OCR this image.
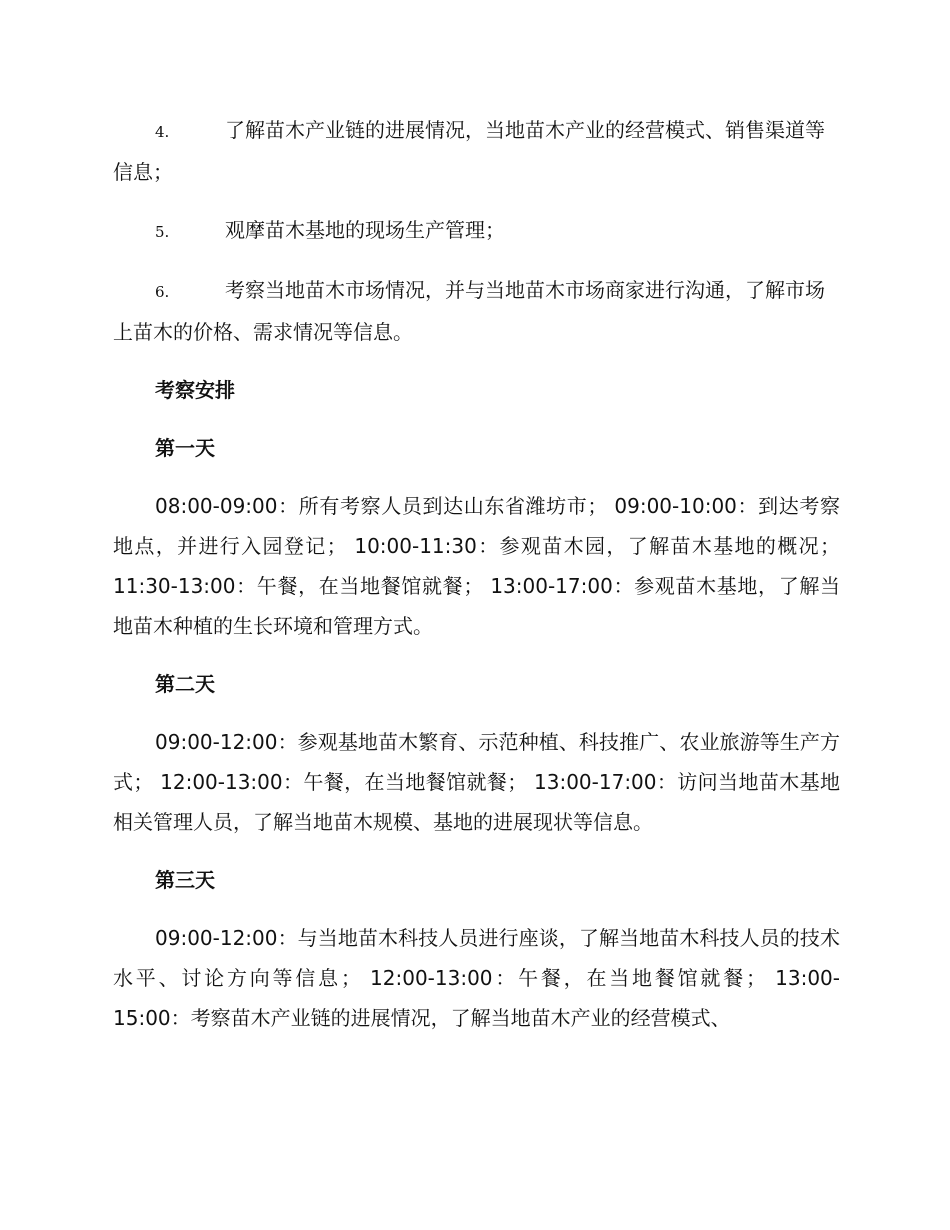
4.	了解苗木产业链的进展情况，当地苗木产业的经营模式、销售渠道等信息；

5.	观摩苗木基地的现场生产管理；

6.	考察当地苗木市场情况，并与当地苗木市场商家进行沟通，了解市场上苗木的价格、需求情况等信息。

考察安排

第一天

08:00-09:00：所有考察人员到达山东省潍坊市； 09:00-10:00：到达考察地点，并进行入园登记； 10:00-11:30：参观苗木园，了解苗木基地的概况； 11:30-13:00：午餐，在当地餐馆就餐； 13:00-17:00：参观苗木基地，了解当地苗木种植的生长环境和管理方式。

第二天

09:00-12:00：参观基地苗木繁育、示范种植、科技推广、农业旅游等生产方式； 12:00-13:00：午餐，在当地餐馆就餐； 13:00-17:00：访问当地苗木基地相关管理人员，了解当地苗木规模、基地的进展现状等信息。

第三天

09:00-12:00：与当地苗木科技人员进行座谈，了解当地苗木科技人员的技术水平、讨论方向等信息； 12:00-13:00：午餐，在当地餐馆就餐； 13:00-15:00：考察苗木产业链的进展情况，了解当地苗木产业的经营模式、
